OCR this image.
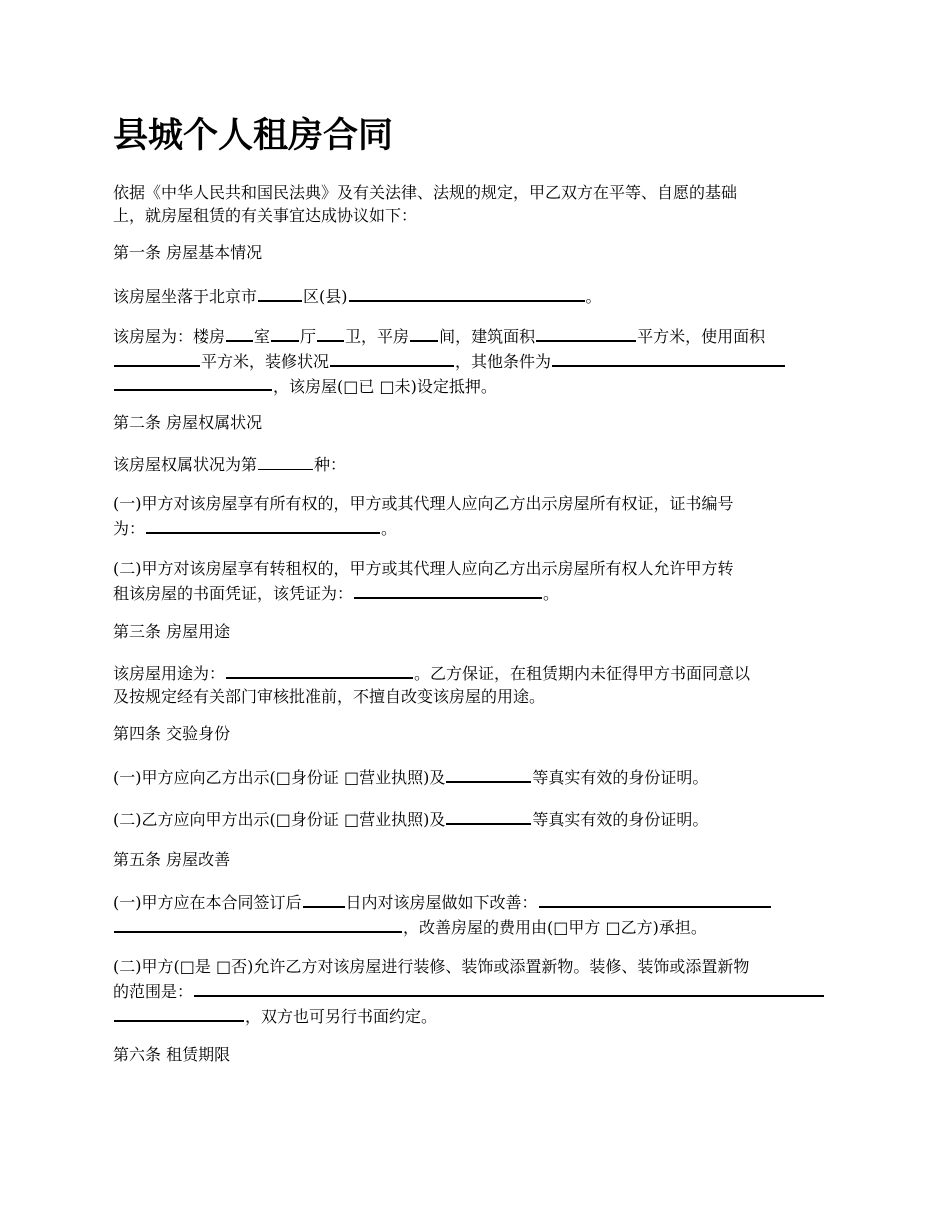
县城个人租房合同

依据《中华人民共和国民法典》及有关法律、法规的规定，甲乙双方在平等、自愿的基础
上，就房屋租赁的有关事宜达成协议如下：

第一条 房屋基本情况

该房屋坐落于北京市	区(县)	。

该房屋为：楼房 室 厅 卫，平房 间，建筑面积	平方米，使用面积
平方米，装修状况	，其他条件为
，该房屋(□已 □未)设定抵押。

第二条 房屋权属状况

该房屋权属状况为第	种：

(一)甲方对该房屋享有所有权的，甲方或其代理人应向乙方出示房屋所有权证，证书编号
为：	。

(二)甲方对该房屋享有转租权的，甲方或其代理人应向乙方出示房屋所有权人允许甲方转
租该房屋的书面凭证，该凭证为：	。

第三条 房屋用途

该房屋用途为：	。乙方保证，在租赁期内未征得甲方书面同意以
及按规定经有关部门审核批准前，不擅自改变该房屋的用途。

第四条 交验身份

(一)甲方应向乙方出示(□身份证 □营业执照)及	等真实有效的身份证明。

(二)乙方应向甲方出示(□身份证 □营业执照)及	等真实有效的身份证明。

第五条 房屋改善

(一)甲方应在本合同签订后	日内对该房屋做如下改善：
，改善房屋的费用由(□甲方 □乙方)承担。

(二)甲方(□是 □否)允许乙方对该房屋进行装修、装饰或添置新物。装修、装饰或添置新物
的范围是：
，双方也可另行书面约定。

第六条 租赁期限
